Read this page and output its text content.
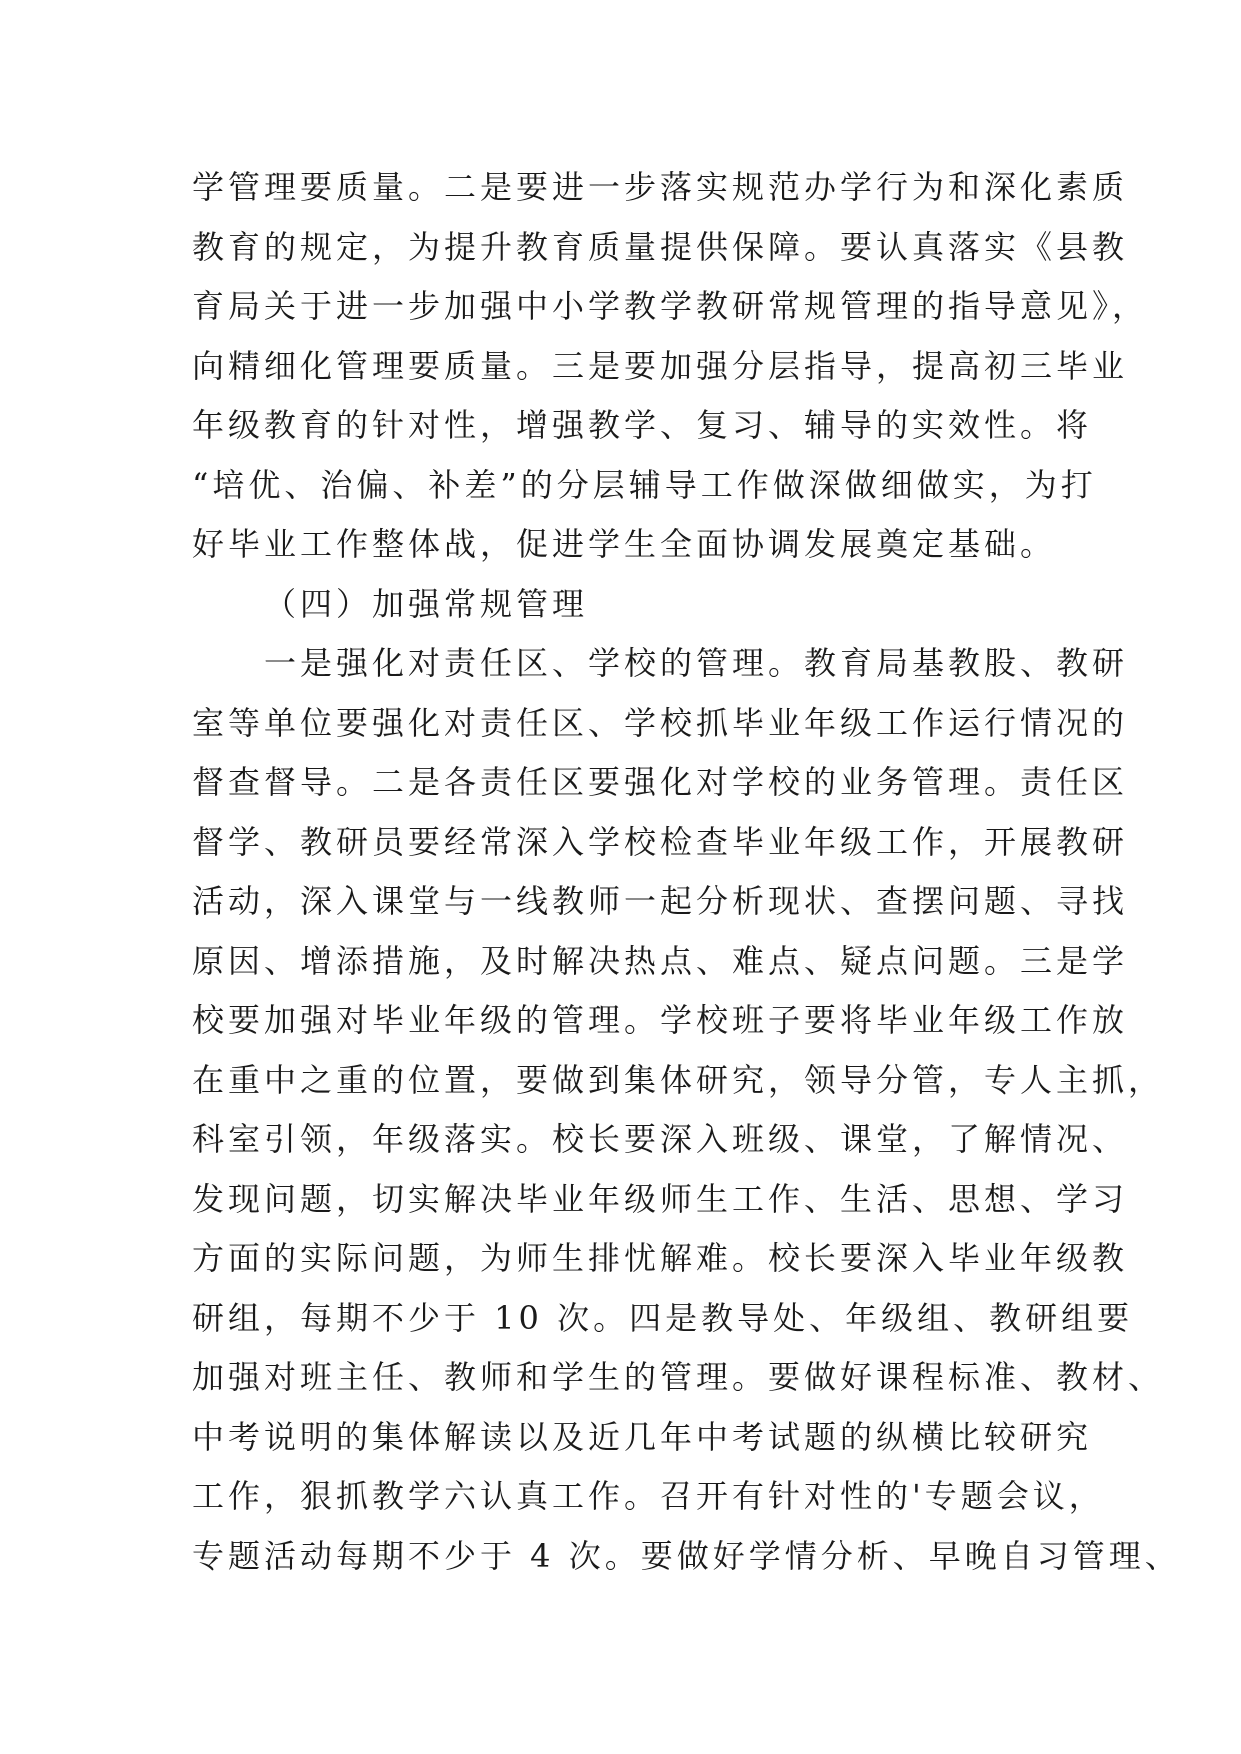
学管理要质量。二是要进一步落实规范办学行为和深化素质
教育的规定，为提升教育质量提供保障。要认真落实《县教
育局关于进一步加强中小学教学教研常规管理的指导意见》，
向精细化管理要质量。三是要加强分层指导，提高初三毕业
年级教育的针对性，增强教学、复习、辅导的实效性。将
“培优、治偏、补差”的分层辅导工作做深做细做实，为打
好毕业工作整体战，促进学生全面协调发展奠定基础。
（四）加强常规管理
一是强化对责任区、学校的管理。教育局基教股、教研
室等单位要强化对责任区、学校抓毕业年级工作运行情况的
督查督导。二是各责任区要强化对学校的业务管理。责任区
督学、教研员要经常深入学校检查毕业年级工作，开展教研
活动，深入课堂与一线教师一起分析现状、查摆问题、寻找
原因、增添措施，及时解决热点、难点、疑点问题。三是学
校要加强对毕业年级的管理。学校班子要将毕业年级工作放
在重中之重的位置，要做到集体研究，领导分管，专人主抓，
科室引领，年级落实。校长要深入班级、课堂，了解情况、
发现问题，切实解决毕业年级师生工作、生活、思想、学习
方面的实际问题，为师生排忧解难。校长要深入毕业年级教
研组，每期不少于 10 次。四是教导处、年级组、教研组要
加强对班主任、教师和学生的管理。要做好课程标准、教材、
中考说明的集体解读以及近几年中考试题的纵横比较研究
工作，狠抓教学六认真工作。召开有针对性的'专题会议，
专题活动每期不少于 4 次。要做好学情分析、早晚自习管理、
